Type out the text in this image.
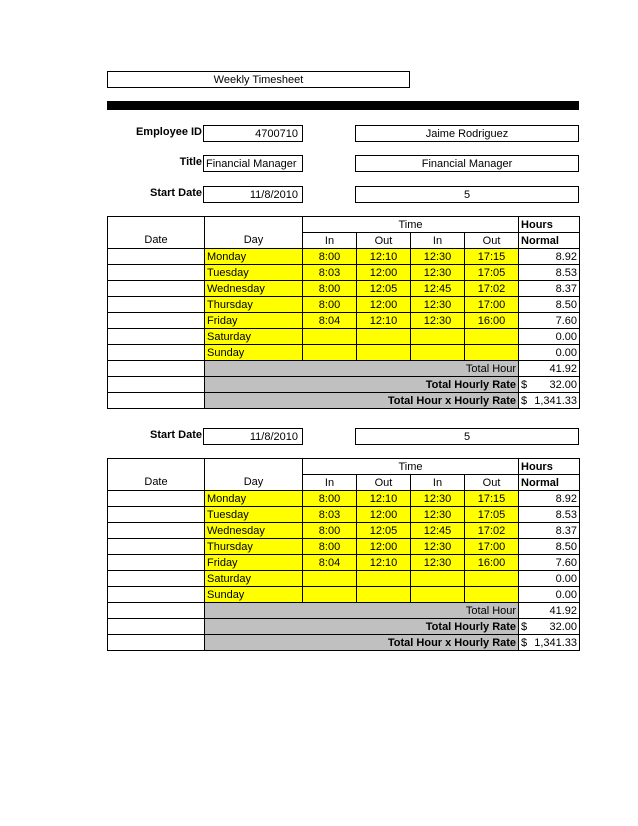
Weekly Timesheet
Employee ID	4700710	Jaime Rodriguez
Title Financial Manager	Financial Manager
Start Date	11/8/2010	5
		Time				Hours
Date	Day	In	Out	In	Out	Normal
	Monday	8:00	12:10	12:30	17:15	8.92
	Tuesday	8:03	12:00	12:30	17:05	8.53
	Wednesday	8:00	12:05	12:45	17:02	8.37
	Thursday	8:00	12:00	12:30	17:00	8.50
	Friday	8:04	12:10	12:30	16:00	7.60
	Saturday					0.00
	Sunday					0.00
	Total Hour					41.92
	Total Hourly Rate					$ 32.00

	Total Hour x Hourly Rate					$ 1,341.33
Start Date	11/8/2010	5
		Time				Hours
Date	Day	In	Out	In	Out	Normal
	Monday	8:00	12:10	12:30	17:15	8.92
	Tuesday	8:03	12:00	12:30	17:05	8.53
	Wednesday	8:00	12:05	12:45	17:02	8.37
	Thursday	8:00	12:00	12:30	17:00	8.50
	Friday	8:04	12:10	12:30	16:00	7.60
	Saturday					0.00
	Sunday					0.00
	Total Hour					41.92
	Total Hourly Rate					$ 32.00

	Total Hour x Hourly Rate					$ 1,341.33
